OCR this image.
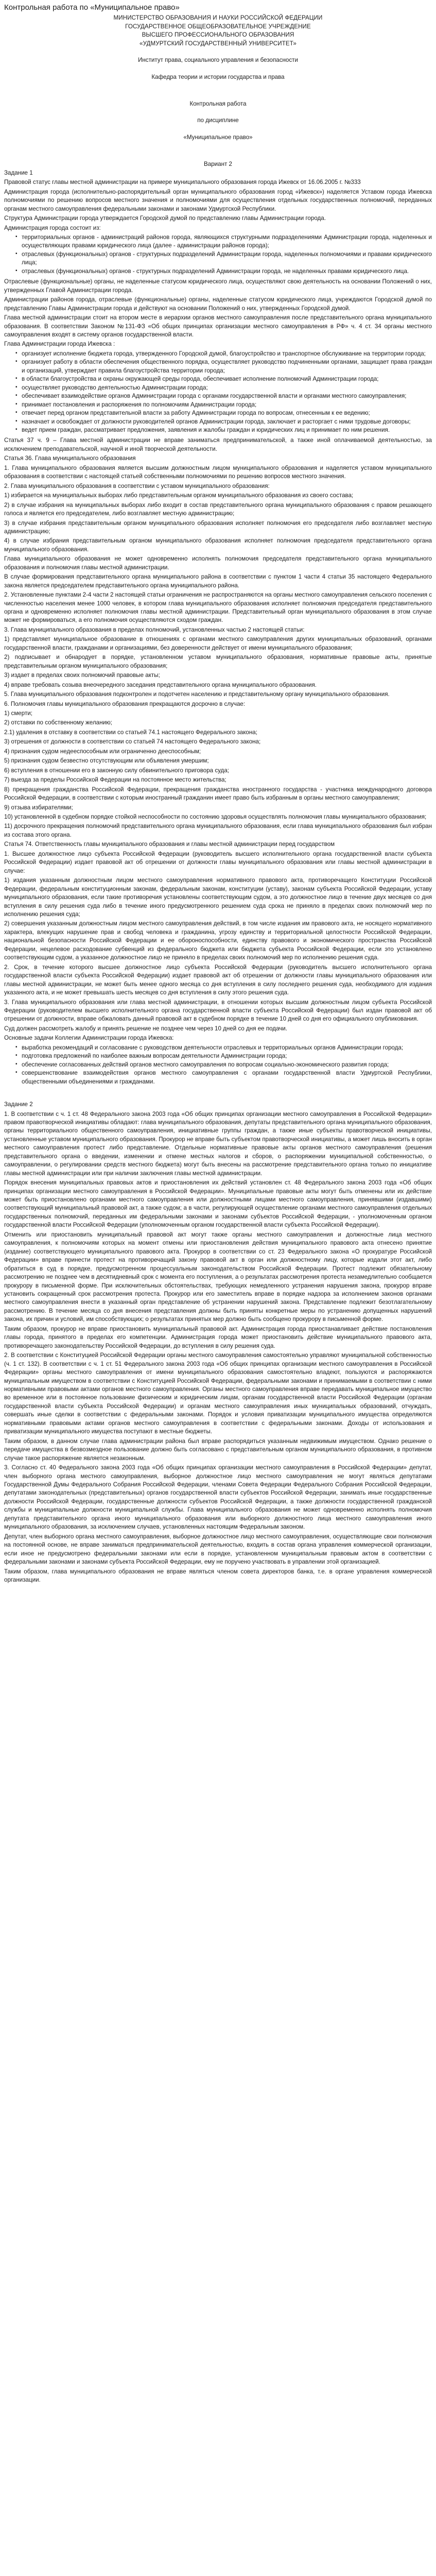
Контрольная работа по «Муниципальное право»

МИНИСТЕРСТВО ОБРАЗОВАНИЯ И НАУКИ РОССИЙСКОЙ ФЕДЕРАЦИИ

ГОСУДАРСТВЕННОЕ ОБЩЕОБРАЗОВАТЕЛЬНОЕ УЧРЕЖДЕНИЕ

ВЫСШЕГО ПРОФЕССИОНАЛЬНОГО ОБРАЗОВАНИЯ

«УДМУРТСКИЙ ГОСУДАРСТВЕННЫЙ УНИВЕРСИТЕТ»

Институт права, социального управления и безопасности

Кафедра теории и истории государства и права

Контрольная работа

по дисциплине

«Муниципальное право»

Вариант 2

Задание 1

Правовой статус главы местной администрации на примере муниципального образования города Ижевск от 16.06.2005 г. №333

Администрация города (исполнительно-распорядительный орган муниципального образования город «Ижевск») наделяется Уставом города Ижевска полномочиями по решению вопросов местного значения и полномочиями для осуществления отдельных государственных полномочий, переданных органам местного самоуправления федеральными законами и законами Удмуртской Республики.

Структура Администрации города утверждается Городской думой по представлению главы Администрации города.

Администрация города состоит из:

▪ территориальных органов - администраций районов города, являющихся структурными подразделениями Администрации города, наделенных и осуществляющих правами юридического лица (далее - администрации районов города);
▪ отраслевых (функциональных) органов - структурных подразделений Администрации города, наделенных полномочиями и правами юридического лица;
▪ отраслевых (функциональных) органов - структурных подразделений Администрации города, не наделенных правами юридического лица.

Отраслевые (функциональные) органы, не наделенные статусом юридического лица, осуществляют свою деятельность на основании Положений о них, утвержденных Главой Администрации города.

Администрации районов города, отраслевые (функциональные) органы, наделенные статусом юридического лица, учреждаются Городской думой по представлению Главы Администрации города и действуют на основании Положений о них, утвержденных Городской думой.

Глава местной администрации стоит на втором месте в иерархии органов местного самоуправления после представительного органа муниципального образования. В соответствии Законом №131-ФЗ «Об общих принципах организации местного самоуправления в РФ» ч. 4 ст. 34 органы местного самоуправления входят в систему органов государственной власти.

Глава Администрации города Ижевска :

▪ организует исполнение бюджета города, утвержденного Городской думой, благоустройство и транспортное обслуживание на территории города;
▪ организует работу в области обеспечения общественного порядка, осуществляет руководство подчиненными органами, защищает права граждан и организаций, утверждает правила благоустройства территории города;
▪ в области благоустройства и охраны окружающей среды города, обеспечивает исполнение полномочий Администрации города;
▪ осуществляет руководство деятельностью Администрации города;
▪ обеспечивает взаимодействие органов Администрации города с органами государственной власти и органами местного самоуправления;
▪ принимает постановления и распоряжения по полномочиям Администрации города;
▪ отвечает перед органом представительной власти за работу Администрации города по вопросам, отнесенным к ее ведению;
▪ назначает и освобождает от должности руководителей органов Администрации города, заключает и расторгает с ними трудовые договоры;
▪ ведет прием граждан, рассматривает предложения, заявления и жалобы граждан и юридических лиц и принимает по ним решения.

Статья 37 ч. 9 – Глава местной администрации не вправе заниматься предпринимательской, а также иной оплачиваемой деятельностью, за исключением преподавательской, научной и иной творческой деятельности.

Статья 36. Глава муниципального образования

1. Глава муниципального образования является высшим должностным лицом муниципального образования и наделяется уставом муниципального образования в соответствии с настоящей статьей собственными полномочиями по решению вопросов местного значения.

2. Глава муниципального образования в соответствии с уставом муниципального образования:

1) избирается на муниципальных выборах либо представительным органом муниципального образования из своего состава;

2) в случае избрания на муниципальных выборах либо входит в состав представительного органа муниципального образования с правом решающего голоса и является его председателем, либо возглавляет местную администрацию;

3) в случае избрания представительным органом муниципального образования исполняет полномочия его председателя либо возглавляет местную администрацию;

4) в случае избрания представительным органом муниципального образования исполняет полномочия председателя представительного органа муниципального образования.

Глава муниципального образования не может одновременно исполнять полномочия председателя представительного органа муниципального образования и полномочия главы местной администрации.

В случае формирования представительного органа муниципального района в соответствии с пунктом 1 части 4 статьи 35 настоящего Федерального закона является председателем представительного органа муниципального района.

2. Установленные пунктами 2-4 части 2 настоящей статьи ограничения не распространяются на органы местного самоуправления сельского поселения с численностью населения менее 1000 человек, в котором глава муниципального образования исполняет полномочия председателя представительного органа и одновременно исполняет полномочия главы местной администрации. Представительный орган муниципального образования в этом случае может не формироваться, а его полномочия осуществляются сходом граждан.

3. Глава муниципального образования в пределах полномочий, установленных частью 2 настоящей статьи:

1) представляет муниципальное образование в отношениях с органами местного самоуправления других муниципальных образований, органами государственной власти, гражданами и организациями, без доверенности действует от имени муниципального образования;

2) подписывает и обнародует в порядке, установленном уставом муниципального образования, нормативные правовые акты, принятые представительным органом муниципального образования;

3) издает в пределах своих полномочий правовые акты;

4) вправе требовать созыва внеочередного заседания представительного органа муниципального образования.

5. Глава муниципального образования подконтролен и подотчетен населению и представительному органу муниципального образования.

6. Полномочия главы муниципального образования прекращаются досрочно в случае:

1) смерти;

2) отставки по собственному желанию;

2.1) удаления в отставку в соответствии со статьей 74.1 настоящего Федерального закона;

3) отрешения от должности в соответствии со статьей 74 настоящего Федерального закона;

4) признания судом недееспособным или ограниченно дееспособным;

5) признания судом безвестно отсутствующим или объявления умершим;

6) вступления в отношении его в законную силу обвинительного приговора суда;

7) выезда за пределы Российской Федерации на постоянное место жительства;

8) прекращения гражданства Российской Федерации, прекращения гражданства иностранного государства - участника международного договора Российской Федерации, в соответствии с которым иностранный гражданин имеет право быть избранным в органы местного самоуправления;

9) отзыва избирателями;

10) установленной в судебном порядке стойкой неспособности по состоянию здоровья осуществлять полномочия главы муниципального образования;

11) досрочного прекращения полномочий представительного органа муниципального образования, если глава муниципального образования был избран из состава этого органа.

Статья 74. Ответственность главы муниципального образования и главы местной администрации перед государством

1. Высшее должностное лицо субъекта Российской Федерации (руководитель высшего исполнительного органа государственной власти субъекта Российской Федерации) издает правовой акт об отрешении от должности главы муниципального образования или главы местной администрации в случае:

1) издания указанным должностным лицом местного самоуправления нормативного правового акта, противоречащего Конституции Российской Федерации, федеральным конституционным законам, федеральным законам, конституции (уставу), законам субъекта Российской Федерации, уставу муниципального образования, если такие противоречия установлены соответствующим судом, а это должностное лицо в течение двух месяцев со дня вступления в силу решения суда либо в течение иного предусмотренного решением суда срока не приняло в пределах своих полномочий мер по исполнению решения суда;

2) совершения указанным должностным лицом местного самоуправления действий, в том числе издания им правового акта, не носящего нормативного характера, влекущих нарушение прав и свобод человека и гражданина, угрозу единству и территориальной целостности Российской Федерации, национальной безопасности Российской Федерации и ее обороноспособности, единству правового и экономического пространства Российской Федерации, нецелевое расходование субвенций из федерального бюджета или бюджета субъекта Российской Федерации, если это установлено соответствующим судом, а указанное должностное лицо не приняло в пределах своих полномочий мер по исполнению решения суда.

2. Срок, в течение которого высшее должностное лицо субъекта Российской Федерации (руководитель высшего исполнительного органа государственной власти субъекта Российской Федерации) издает правовой акт об отрешении от должности главы муниципального образования или главы местной администрации, не может быть менее одного месяца со дня вступления в силу последнего решения суда, необходимого для издания указанного акта, и не может превышать шесть месяцев со дня вступления в силу этого решения суда.

3. Глава муниципального образования или глава местной администрации, в отношении которых высшим должностным лицом субъекта Российской Федерации (руководителем высшего исполнительного органа государственной власти субъекта Российской Федерации) был издан правовой акт об отрешении от должности, вправе обжаловать данный правовой акт в судебном порядке в течение 10 дней со дня его официального опубликования.

Суд должен рассмотреть жалобу и принять решение не позднее чем через 10 дней со дня ее подачи.

Основные задачи Коллегии Администрации города Ижевска:

▪ выработка рекомендаций и согласование с руководством деятельности отраслевых и территориальных органов Администрации города;
▪ подготовка предложений по наиболее важным вопросам деятельности Администрации города;
▪ обеспечение согласованных действий органов местного самоуправления по вопросам социально-экономического развития города;
▪ совершенствование взаимодействия органов местного самоуправления с органами государственной власти Удмуртской Республики, общественными объединениями и гражданами.

Задание 2

1. В соответствии с ч. 1 ст. 48 Федерального закона 2003 года «Об общих принципах организации местного самоуправления в Российской Федерации» правом правотворческой инициативы обладают: глава муниципального образования, депутаты представительного органа муниципального образования, органы территориального общественного самоуправления, инициативные группы граждан, а также иные субъекты правотворческой инициативы, установленные уставом муниципального образования. Прокурор не вправе быть субъектом правотворческой инициативы, а может лишь вносить в орган местного самоуправления протест либо представление. Отдельные нормативные правовые акты органов местного самоуправления (решения представительного органа о введении, изменении и отмене местных налогов и сборов, о распоряжении муниципальной собственностью, о самоуправлении, о регулировании средств местного бюджета) могут быть внесены на рассмотрение представительного органа только по инициативе главы местной администрации или при наличии заключения главы местной администрации.

Порядок внесения муниципальных правовых актов и приостановления их действий установлен ст. 48 Федерального закона 2003 года «Об общих принципах организации местного самоуправления в Российской Федерации». Муниципальные правовые акты могут быть отменены или их действие может быть приостановлено органами местного самоуправления или должностными лицами местного самоуправления, принявшими (издавшими) соответствующий муниципальный правовой акт, а также судом; а в части, регулирующей осуществление органами местного самоуправления отдельных государственных полномочий, переданных им федеральными законами и законами субъектов Российской Федерации, - уполномоченным органом государственной власти Российской Федерации (уполномоченным органом государственной власти субъекта Российской Федерации).

Отменить или приостановить муниципальный правовой акт могут также органы местного самоуправления и должностные лица местного самоуправления, к полномочиям которых на момент отмены или приостановления действия муниципального правового акта отнесено принятие (издание) соответствующего муниципального правового акта. Прокурор в соответствии со ст. 23 Федерального закона «О прокуратуре Российской Федерации» вправе принести протест на противоречащий закону правовой акт в орган или должностному лицу, которые издали этот акт, либо обратиться в суд в порядке, предусмотренном процессуальным законодательством Российской Федерации. Протест подлежит обязательному рассмотрению не позднее чем в десятидневный срок с момента его поступления, а о результатах рассмотрения протеста незамедлительно сообщается прокурору в письменной форме. При исключительных обстоятельствах, требующих немедленного устранения нарушения закона, прокурор вправе установить сокращенный срок рассмотрения протеста. Прокурор или его заместитель вправе в порядке надзора за исполнением законов органами местного самоуправления внести в указанный орган представление об устранении нарушений закона. Представление подлежит безотлагательному рассмотрению. В течение месяца со дня внесения представления должны быть приняты конкретные меры по устранению допущенных нарушений закона, их причин и условий, им способствующих; о результатах принятых мер должно быть сообщено прокурору в письменной форме.

Таким образом, прокурор не вправе приостановить муниципальный правовой акт. Администрация города приостанавливает действие постановления главы города, принятого в пределах его компетенции. Администрация города может приостановить действие муниципального правового акта, противоречащего законодательству Российской Федерации, до вступления в силу решения суда.

2. В соответствии с Конституцией Российской Федерации органы местного самоуправления самостоятельно управляют муниципальной собственностью (ч. 1 ст. 132). В соответствии с ч. 1 ст. 51 Федерального закона 2003 года «Об общих принципах организации местного самоуправления в Российской Федерации» органы местного самоуправления от имени муниципального образования самостоятельно владеют, пользуются и распоряжаются муниципальным имуществом в соответствии с Конституцией Российской Федерации, федеральными законами и принимаемыми в соответствии с ними нормативными правовыми актами органов местного самоуправления. Органы местного самоуправления вправе передавать муниципальное имущество во временное или в постоянное пользование физическим и юридическим лицам, органам государственной власти Российской Федерации (органам государственной власти субъекта Российской Федерации) и органам местного самоуправления иных муниципальных образований, отчуждать, совершать иные сделки в соответствии с федеральными законами. Порядок и условия приватизации муниципального имущества определяются нормативными правовыми актами органов местного самоуправления в соответствии с федеральными законами. Доходы от использования и приватизации муниципального имущества поступают в местные бюджеты.

Таким образом, в данном случае глава администрации района был вправе распорядиться указанным недвижимым имуществом. Однако решение о передаче имущества в безвозмездное пользование должно быть согласовано с представительным органом муниципального образования, в противном случае такое распоряжение является незаконным.

3. Согласно ст. 40 Федерального закона 2003 года «Об общих принципах организации местного самоуправления в Российской Федерации» депутат, член выборного органа местного самоуправления, выборное должностное лицо местного самоуправления не могут являться депутатами Государственной Думы Федерального Собрания Российской Федерации, членами Совета Федерации Федерального Собрания Российской Федерации, депутатами законодательных (представительных) органов государственной власти субъектов Российской Федерации, занимать иные государственные должности Российской Федерации, государственные должности субъектов Российской Федерации, а также должности государственной гражданской службы и муниципальные должности муниципальной службы. Глава муниципального образования не может одновременно исполнять полномочия депутата представительного органа иного муниципального образования или выборного должностного лица местного самоуправления иного муниципального образования, за исключением случаев, установленных настоящим Федеральным законом.

Депутат, член выборного органа местного самоуправления, выборное должностное лицо местного самоуправления, осуществляющие свои полномочия на постоянной основе, не вправе заниматься предпринимательской деятельностью, входить в состав органа управления коммерческой организации, если иное не предусмотрено федеральными законами или если в порядке, установленном муниципальным правовым актом в соответствии с федеральными законами и законами субъекта Российской Федерации, ему не поручено участвовать в управлении этой организацией.

Таким образом, глава муниципального образования не вправе являться членом совета директоров банка, т.е. в органе управления коммерческой организации.
